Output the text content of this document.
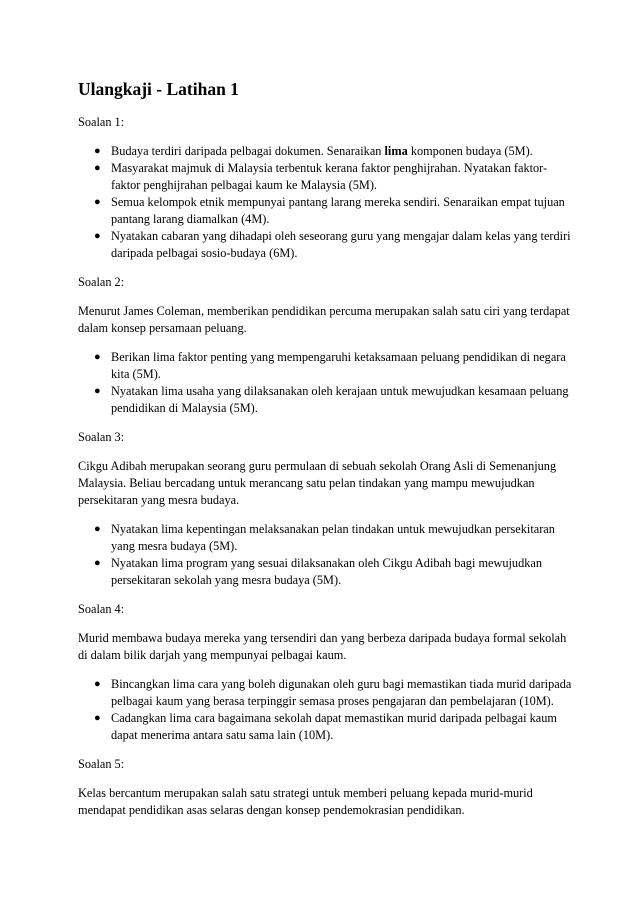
Ulangkaji - Latihan 1
Soalan 1:
● Budaya terdiri daripada pelbagai dokumen. Senaraikan lima komponen budaya (5M).
● Masyarakat majmuk di Malaysia terbentuk kerana faktor penghijrahan. Nyatakan faktor-faktor penghijrahan pelbagai kaum ke Malaysia (5M).
● Semua kelompok etnik mempunyai pantang larang mereka sendiri. Senaraikan empat tujuan pantang larang diamalkan (4M).
● Nyatakan cabaran yang dihadapi oleh seseorang guru yang mengajar dalam kelas yang terdiri daripada pelbagai sosio-budaya (6M).
Soalan 2:
Menurut James Coleman, memberikan pendidikan percuma merupakan salah satu ciri yang terdapat dalam konsep persamaan peluang.
● Berikan lima faktor penting yang mempengaruhi ketaksamaan peluang pendidikan di negara kita (5M).
● Nyatakan lima usaha yang dilaksanakan oleh kerajaan untuk mewujudkan kesamaan peluang pendidikan di Malaysia (5M).
Soalan 3:
Cikgu Adibah merupakan seorang guru permulaan di sebuah sekolah Orang Asli di Semenanjung Malaysia. Beliau bercadang untuk merancang satu pelan tindakan yang mampu mewujudkan persekitaran yang mesra budaya.
● Nyatakan lima kepentingan melaksanakan pelan tindakan untuk mewujudkan persekitaran yang mesra budaya (5M).
● Nyatakan lima program yang sesuai dilaksanakan oleh Cikgu Adibah bagi mewujudkan persekitaran sekolah yang mesra budaya (5M).
Soalan 4:
Murid membawa budaya mereka yang tersendiri dan yang berbeza daripada budaya formal sekolah di dalam bilik darjah yang mempunyai pelbagai kaum.
● Bincangkan lima cara yang boleh digunakan oleh guru bagi memastikan tiada murid daripada pelbagai kaum yang berasa terpinggir semasa proses pengajaran dan pembelajaran (10M).
● Cadangkan lima cara bagaimana sekolah dapat memastikan murid daripada pelbagai kaum dapat menerima antara satu sama lain (10M).
Soalan 5:
Kelas bercantum merupakan salah satu strategi untuk memberi peluang kepada murid-murid mendapat pendidikan asas selaras dengan konsep pendemokrasian pendidikan.
